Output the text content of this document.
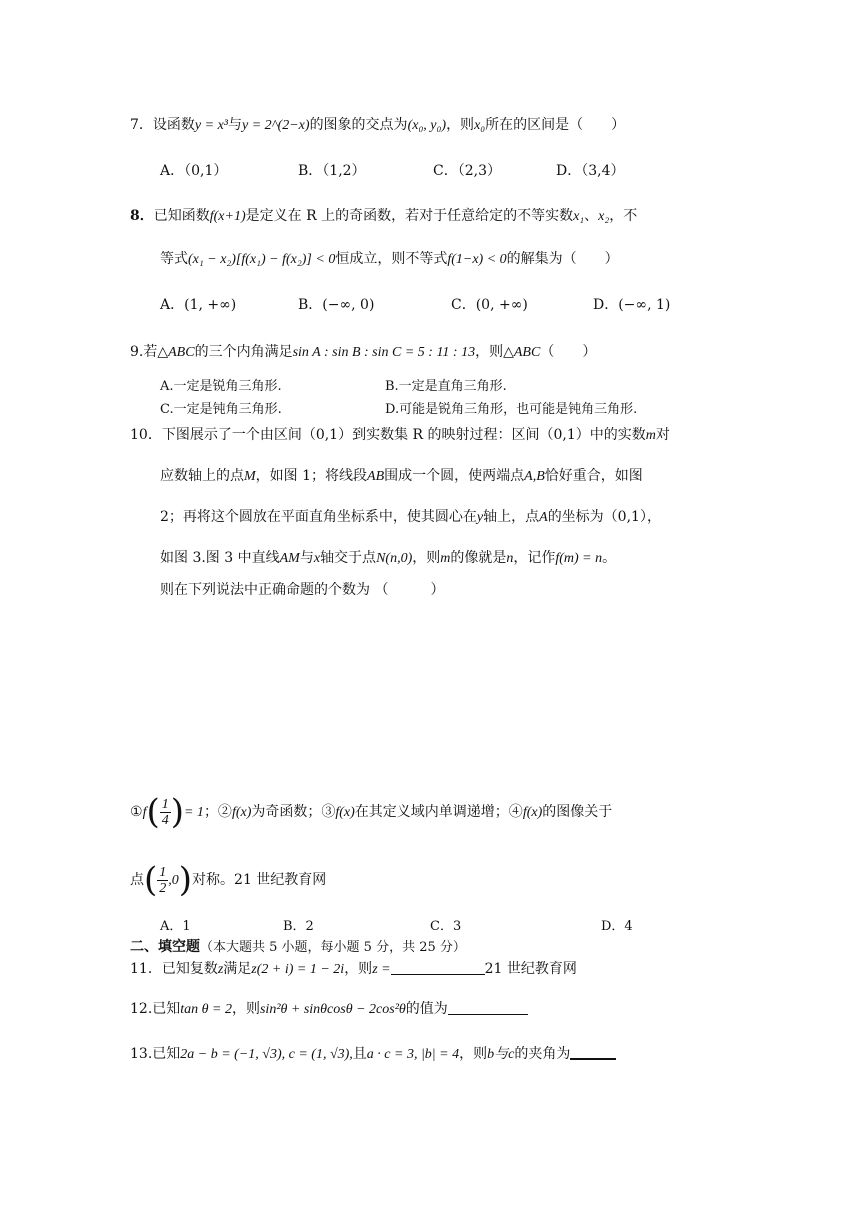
7．设函数y = x³与y = 2^(2−x)的图象的交点为(x₀, y₀)，则x₀所在的区间是（　　）
A．（0,1）	B．（1,2）	C．（2,3）	D．（3,4）
8．已知函数f(x+1)是定义在 R 上的奇函数，若对于任意给定的不等实数x₁、x₂，不
等式(x₁ − x₂)[f(x₁) − f(x₂)] < 0恒成立，则不等式f(1−x) < 0的解集为（　　）
A．(1, +∞)	B．(−∞, 0)	C．(0, +∞)	D．(−∞, 1)
9.若△ABC的三个内角满足sin A : sin B : sin C = 5 : 11 : 13，则△ABC（　　）
A.一定是锐角三角形.	B.一定是直角三角形.
C.一定是钝角三角形.	D.可能是锐角三角形，也可能是钝角三角形.
10．下图展示了一个由区间（0,1）到实数集 R 的映射过程：区间（0,1）中的实数m对
应数轴上的点M，如图 1；将线段AB围成一个圆，使两端点A,B恰好重合，如图
2；再将这个圆放在平面直角坐标系中，使其圆心在y轴上，点A的坐标为（0,1），
如图 3.图 3 中直线AM与x轴交于点N(n,0)，则m的像就是n，记作f(m) = n。
则在下列说法中正确命题的个数为 （　　　）
①f( $\frac{1}{4}$ )= 1；②f(x)为奇函数；③f(x)在其定义域内单调递增；④f(x)的图像关于
点( $\frac{1}{2} ,0$)对称。21 世纪教育网
A．1	B．2	C．3	D．4
二、填空题（本大题共 5 小题，每小题 5 分，共 25 分）
11．已知复数z满足z(2 + i) = 1 − 2i，则z =	21 世纪教育网
12.已知tan θ = 2，则sin²θ + sinθcosθ − 2cos²θ的值为
13.已知2a − b = (−1, √3), c = (1, √3),且a · c = 3, |b| = 4，则b与c的夹角为
